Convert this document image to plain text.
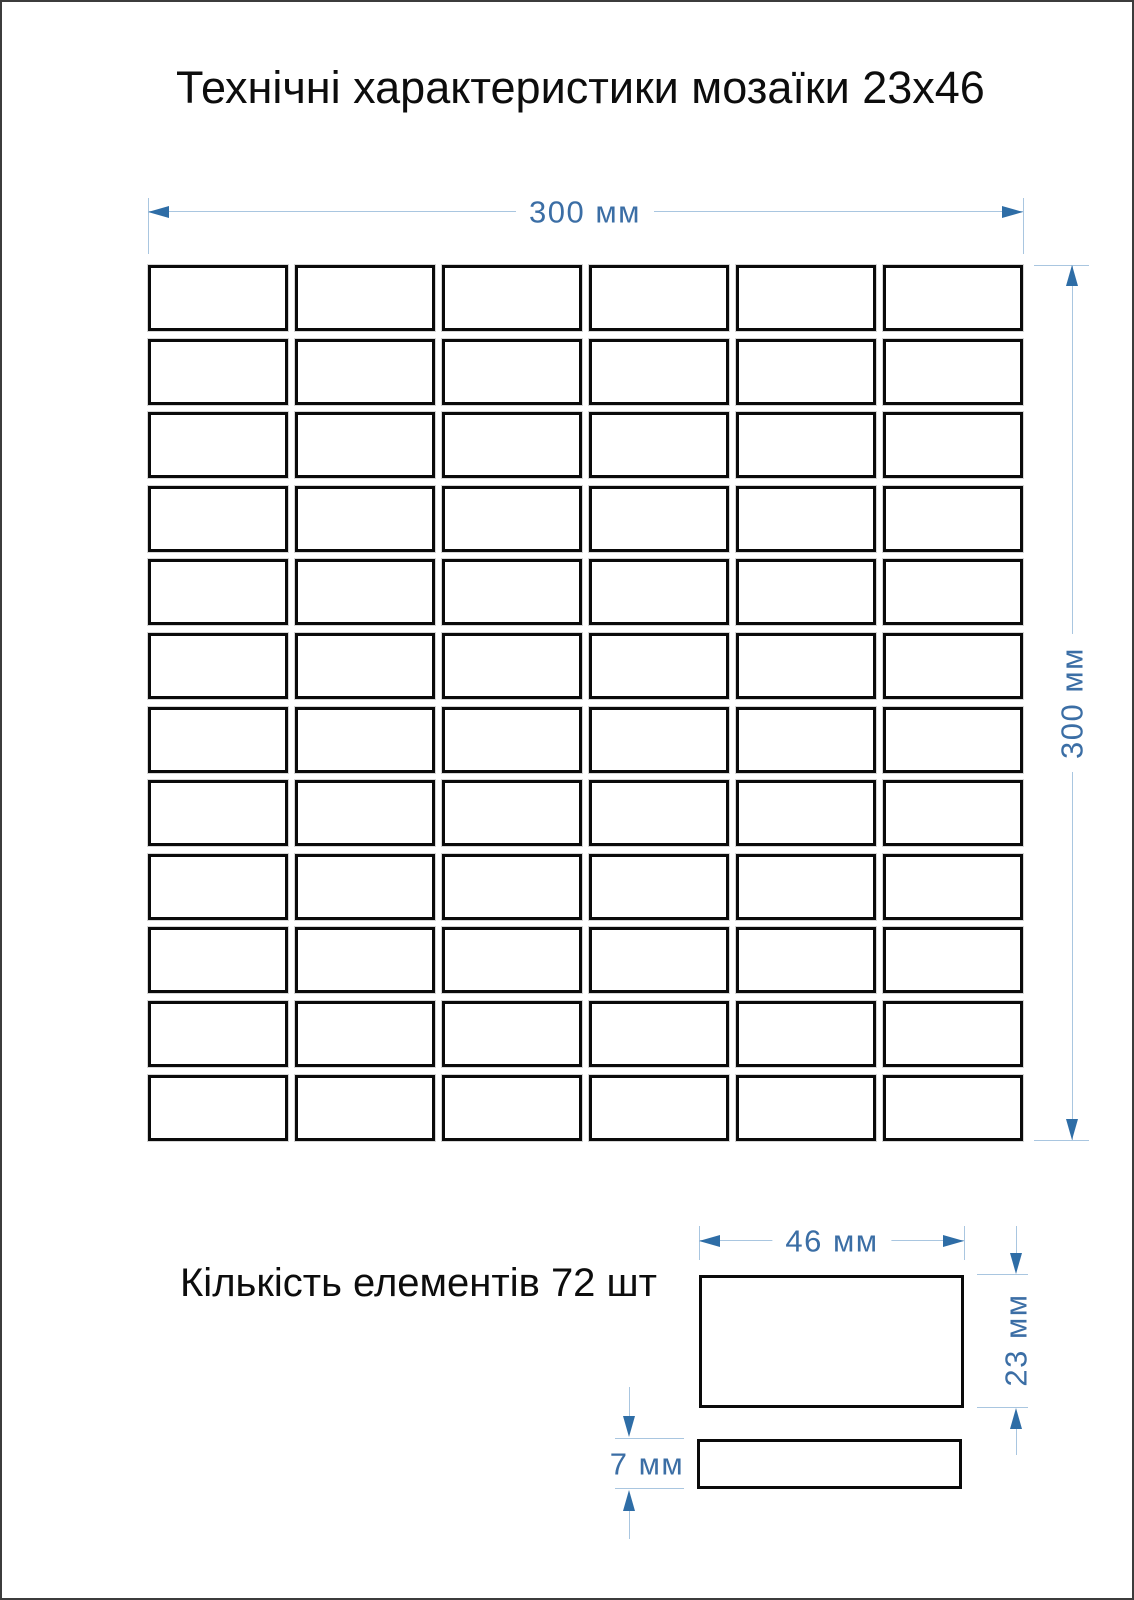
Технічні характеристики мозаїки 23х46
300 мм
300 мм
Кількість елементів 72 шт
46 мм
23 мм
7 мм
